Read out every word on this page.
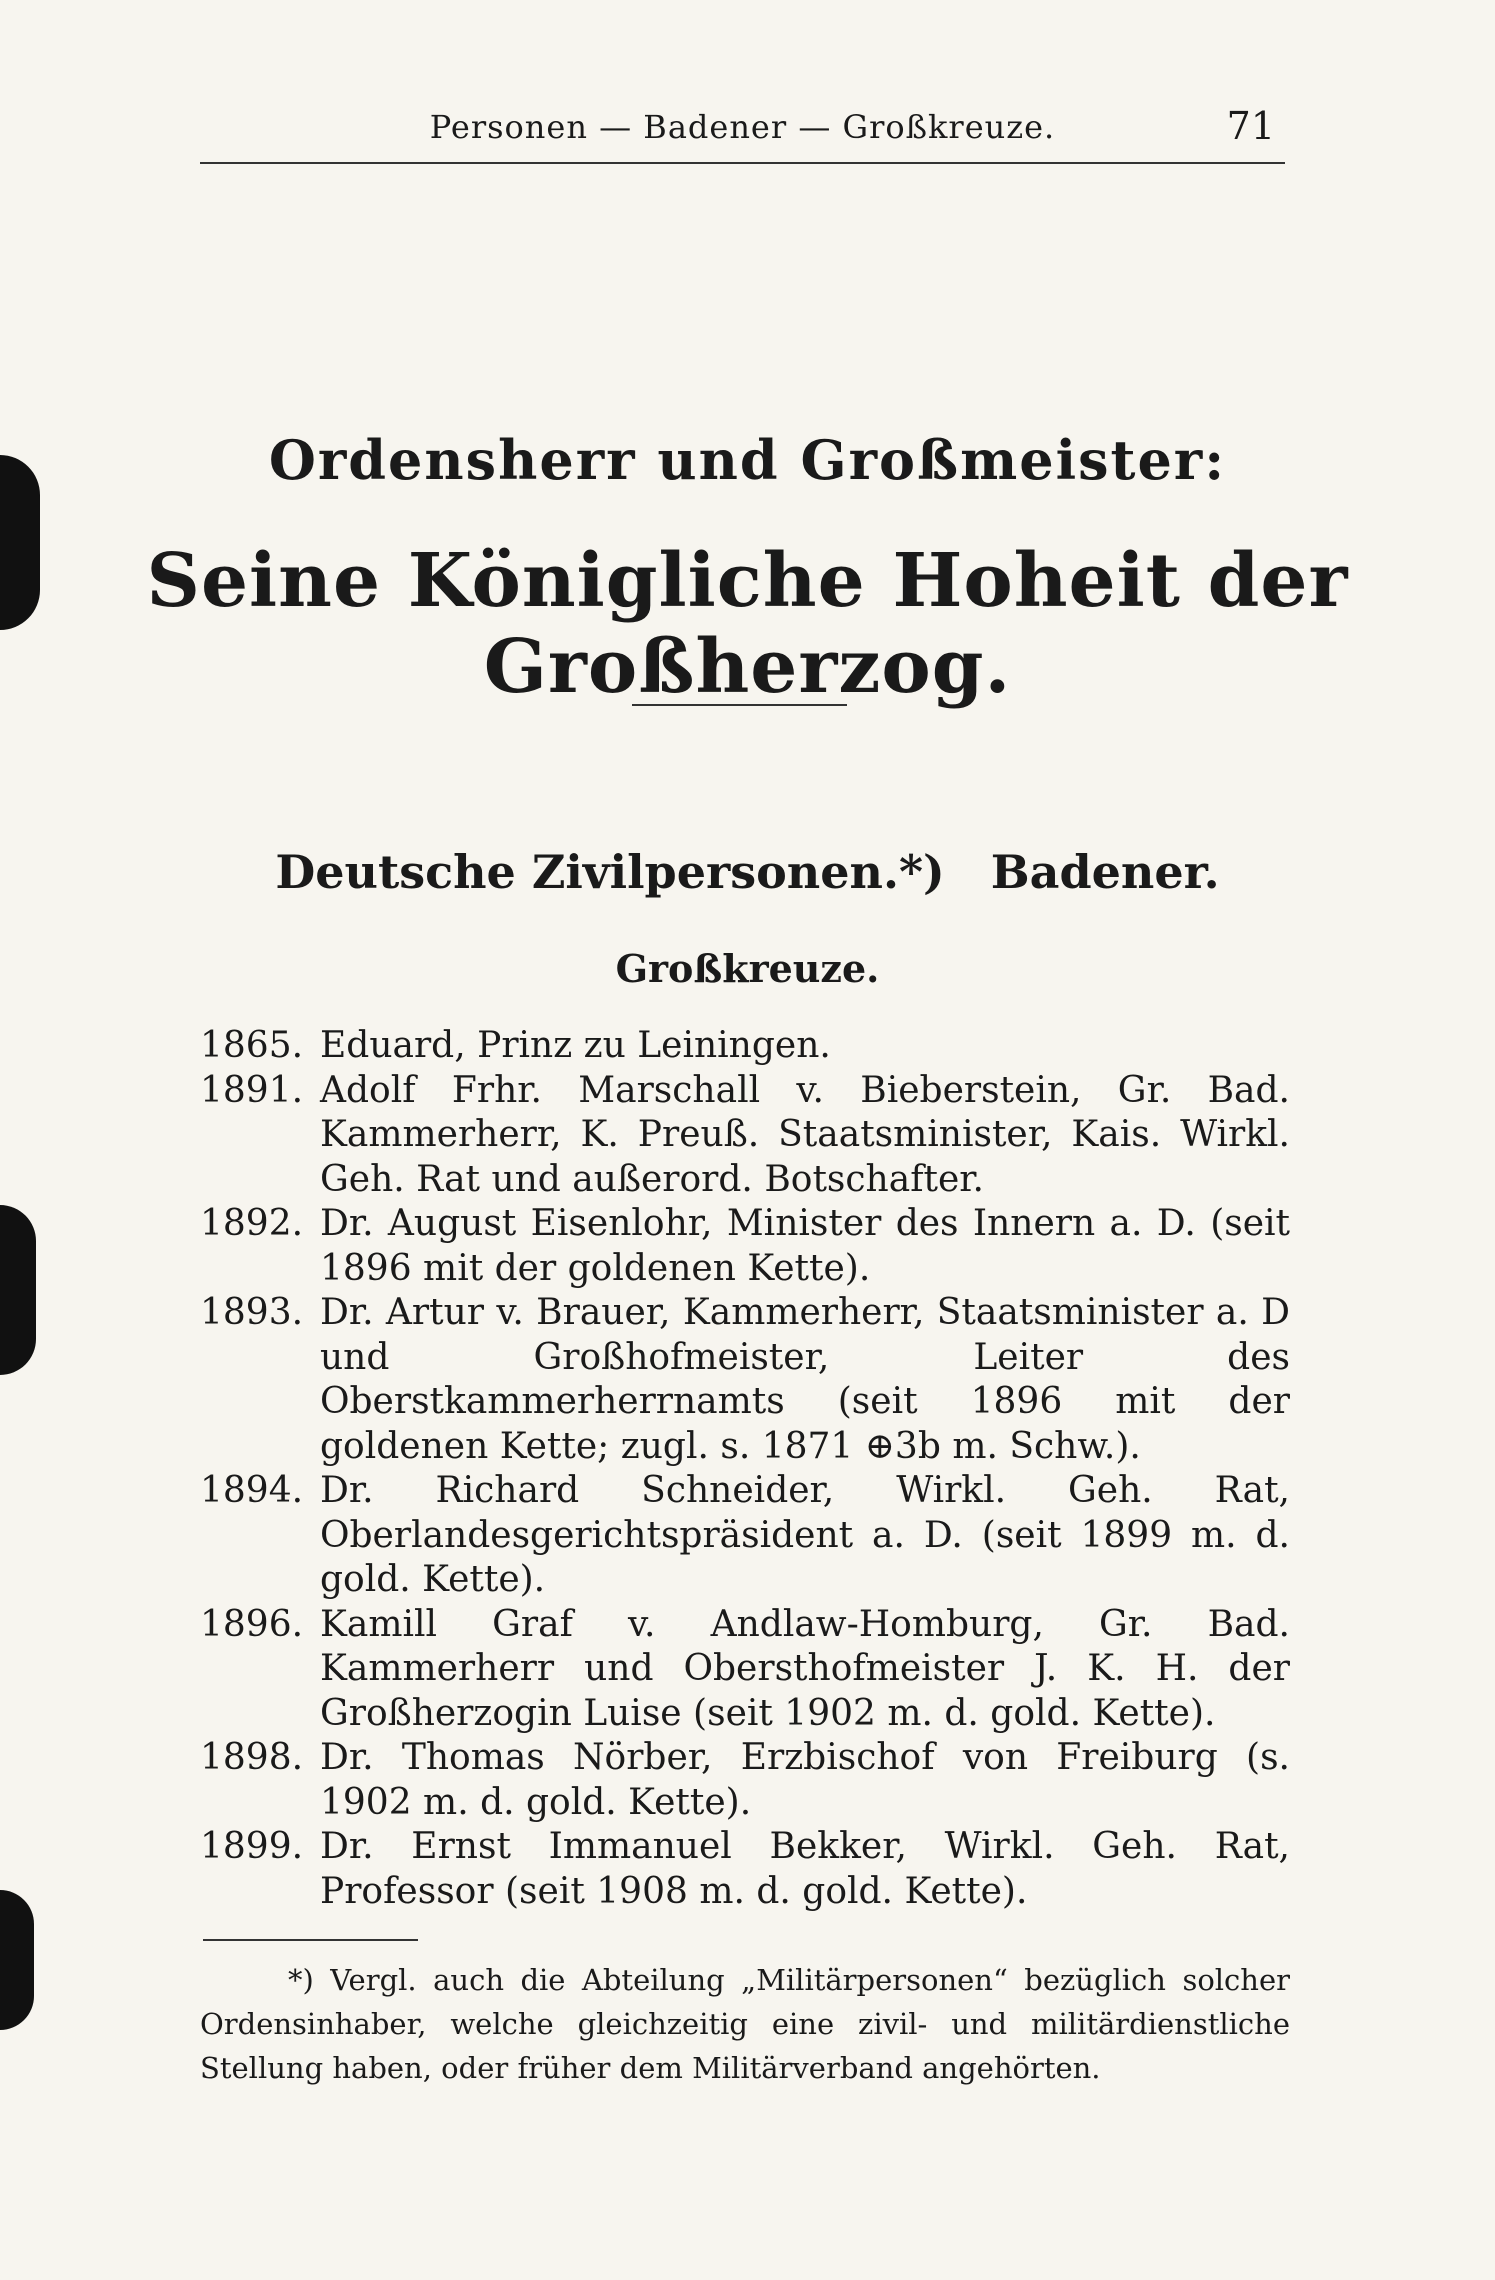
Personen — Badener — Großkreuze.	71
Ordensherr und Großmeister:
Seine Königliche Hoheit der Großherzog.
Deutsche Zivilpersonen.*) Badener.
Großkreuze.
1865. Eduard, Prinz zu Leiningen.
1891. Adolf Frhr. Marschall v. Bieberstein, Gr. Bad. Kammerherr, K. Preuß. Staatsminister, Kais. Wirkl. Geh. Rat und außerord. Botschafter.
1892. Dr. August Eisenlohr, Minister des Innern a. D. (seit 1896 mit der goldenen Kette).
1893. Dr. Artur v. Brauer, Kammerherr, Staatsminister a. D und Großhofmeister, Leiter des Oberstkammerherrnamts (seit 1896 mit der goldenen Kette; zugl. s. 1871 ⊕3b m. Schw.).
1894. Dr. Richard Schneider, Wirkl. Geh. Rat, Oberlandesgerichtspräsident a. D. (seit 1899 m. d. gold. Kette).
1896. Kamill Graf v. Andlaw-Homburg, Gr. Bad. Kammerherr und Obersthofmeister J. K. H. der Großherzogin Luise (seit 1902 m. d. gold. Kette).
1898. Dr. Thomas Nörber, Erzbischof von Freiburg (s. 1902 m. d. gold. Kette).
1899. Dr. Ernst Immanuel Bekker, Wirkl. Geh. Rat, Professor (seit 1908 m. d. gold. Kette).
*) Vergl. auch die Abteilung „Militärpersonen“ bezüglich solcher Ordensinhaber, welche gleichzeitig eine zivil- und militärdienstliche Stellung haben, oder früher dem Militärverband angehörten.
